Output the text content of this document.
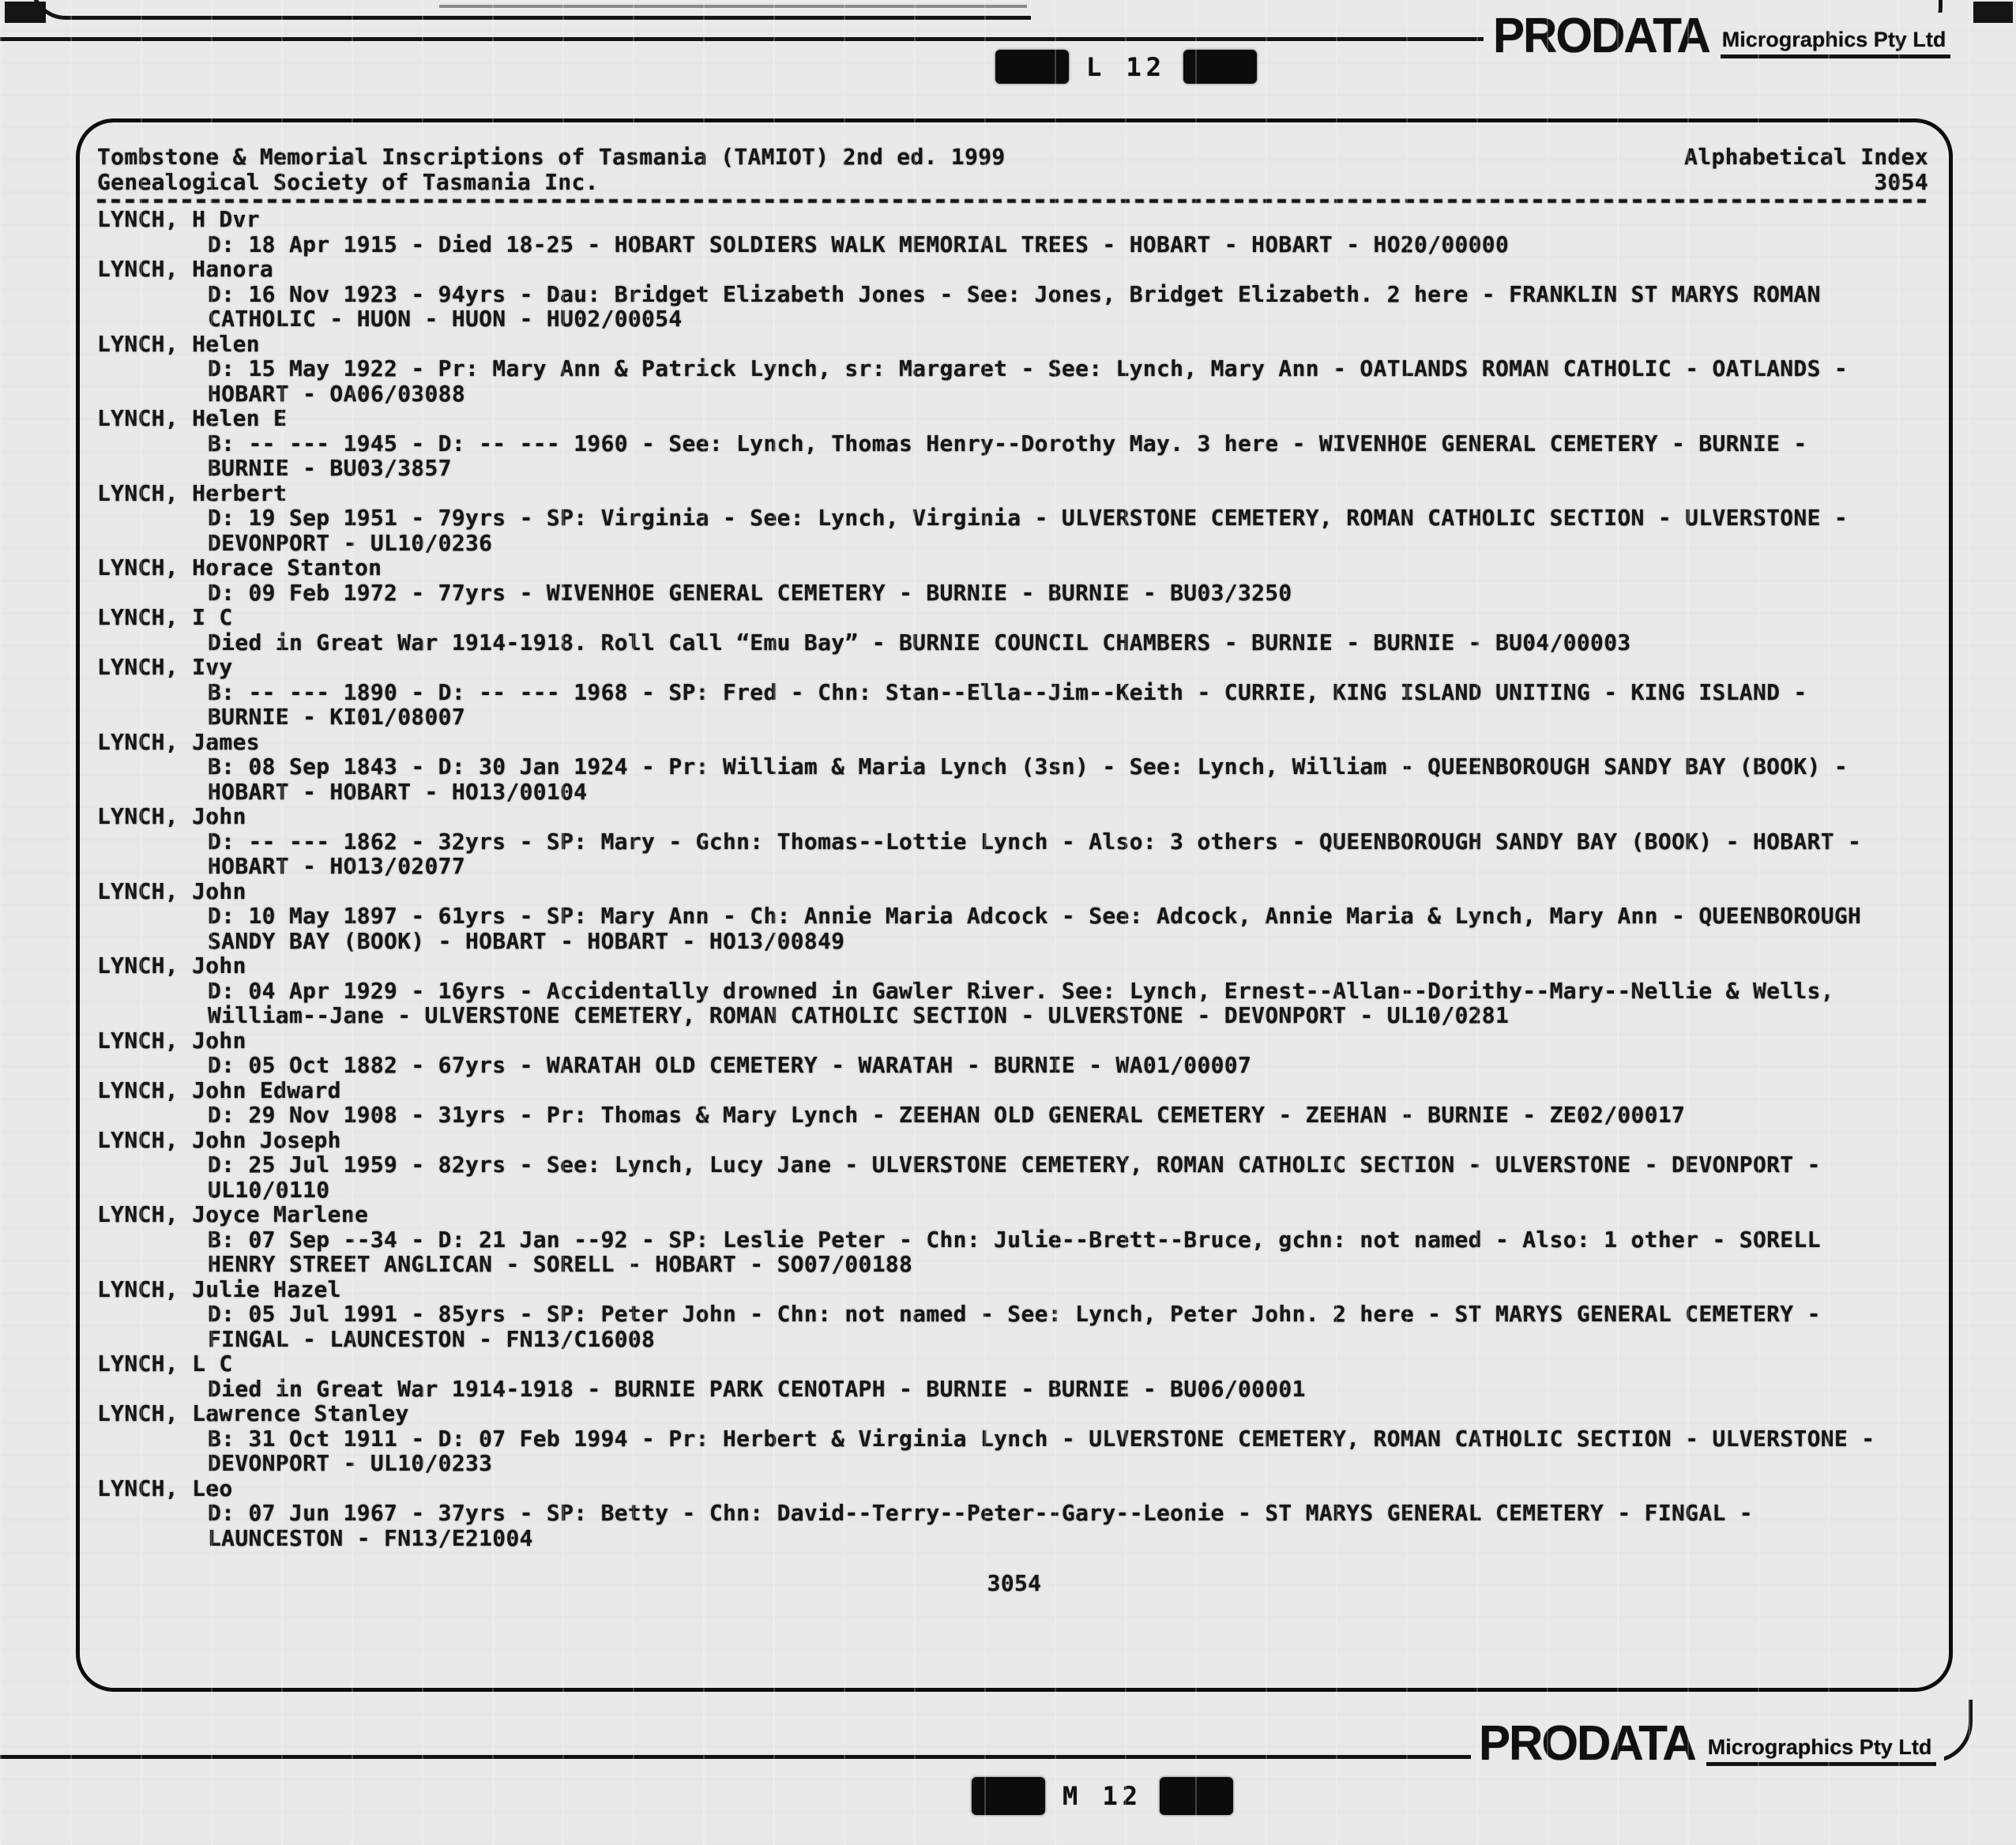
PRODATA Micrographics Pty Ltd
L 12
Tombstone & Memorial Inscriptions of Tasmania (TAMIOT) 2nd ed. 1999
Genealogical Society of Tasmania Inc.
Alphabetical Index
3054
LYNCH, H Dvr
D: 18 Apr 1915 - Died 18-25 - HOBART SOLDIERS WALK MEMORIAL TREES - HOBART - HOBART - HO20/00000
LYNCH, Hanora
D: 16 Nov 1923 - 94yrs - Dau: Bridget Elizabeth Jones - See: Jones, Bridget Elizabeth. 2 here - FRANKLIN ST MARYS ROMAN
CATHOLIC - HUON - HUON - HU02/00054
LYNCH, Helen
D: 15 May 1922 - Pr: Mary Ann & Patrick Lynch, sr: Margaret - See: Lynch, Mary Ann - OATLANDS ROMAN CATHOLIC - OATLANDS -
HOBART - OA06/03088
LYNCH, Helen E
B: -- --- 1945 - D: -- --- 1960 - See: Lynch, Thomas Henry--Dorothy May. 3 here - WIVENHOE GENERAL CEMETERY - BURNIE -
BURNIE - BU03/3857
LYNCH, Herbert
D: 19 Sep 1951 - 79yrs - SP: Virginia - See: Lynch, Virginia - ULVERSTONE CEMETERY, ROMAN CATHOLIC SECTION - ULVERSTONE -
DEVONPORT - UL10/0236
LYNCH, Horace Stanton
D: 09 Feb 1972 - 77yrs - WIVENHOE GENERAL CEMETERY - BURNIE - BURNIE - BU03/3250
LYNCH, I C
Died in Great War 1914-1918. Roll Call “Emu Bay” - BURNIE COUNCIL CHAMBERS - BURNIE - BURNIE - BU04/00003
LYNCH, Ivy
B: -- --- 1890 - D: -- --- 1968 - SP: Fred - Chn: Stan--Ella--Jim--Keith - CURRIE, KING ISLAND UNITING - KING ISLAND -
BURNIE - KI01/08007
LYNCH, James
B: 08 Sep 1843 - D: 30 Jan 1924 - Pr: William & Maria Lynch (3sn) - See: Lynch, William - QUEENBOROUGH SANDY BAY (BOOK) -
HOBART - HOBART - HO13/00104
LYNCH, John
D: -- --- 1862 - 32yrs - SP: Mary - Gchn: Thomas--Lottie Lynch - Also: 3 others - QUEENBOROUGH SANDY BAY (BOOK) - HOBART -
HOBART - HO13/02077
LYNCH, John
D: 10 May 1897 - 61yrs - SP: Mary Ann - Ch: Annie Maria Adcock - See: Adcock, Annie Maria & Lynch, Mary Ann - QUEENBOROUGH
SANDY BAY (BOOK) - HOBART - HOBART - HO13/00849
LYNCH, John
D: 04 Apr 1929 - 16yrs - Accidentally drowned in Gawler River. See: Lynch, Ernest--Allan--Dorithy--Mary--Nellie & Wells,
William--Jane - ULVERSTONE CEMETERY, ROMAN CATHOLIC SECTION - ULVERSTONE - DEVONPORT - UL10/0281
LYNCH, John
D: 05 Oct 1882 - 67yrs - WARATAH OLD CEMETERY - WARATAH - BURNIE - WA01/00007
LYNCH, John Edward
D: 29 Nov 1908 - 31yrs - Pr: Thomas & Mary Lynch - ZEEHAN OLD GENERAL CEMETERY - ZEEHAN - BURNIE - ZE02/00017
LYNCH, John Joseph
D: 25 Jul 1959 - 82yrs - See: Lynch, Lucy Jane - ULVERSTONE CEMETERY, ROMAN CATHOLIC SECTION - ULVERSTONE - DEVONPORT -
UL10/0110
LYNCH, Joyce Marlene
B: 07 Sep --34 - D: 21 Jan --92 - SP: Leslie Peter - Chn: Julie--Brett--Bruce, gchn: not named - Also: 1 other - SORELL
HENRY STREET ANGLICAN - SORELL - HOBART - SO07/00188
LYNCH, Julie Hazel
D: 05 Jul 1991 - 85yrs - SP: Peter John - Chn: not named - See: Lynch, Peter John. 2 here - ST MARYS GENERAL CEMETERY -
FINGAL - LAUNCESTON - FN13/C16008
LYNCH, L C
Died in Great War 1914-1918 - BURNIE PARK CENOTAPH - BURNIE - BURNIE - BU06/00001
LYNCH, Lawrence Stanley
B: 31 Oct 1911 - D: 07 Feb 1994 - Pr: Herbert & Virginia Lynch - ULVERSTONE CEMETERY, ROMAN CATHOLIC SECTION - ULVERSTONE -
DEVONPORT - UL10/0233
LYNCH, Leo
D: 07 Jun 1967 - 37yrs - SP: Betty - Chn: David--Terry--Peter--Gary--Leonie - ST MARYS GENERAL CEMETERY - FINGAL -
LAUNCESTON - FN13/E21004
3054
PRODATA Micrographics Pty Ltd
M 12
